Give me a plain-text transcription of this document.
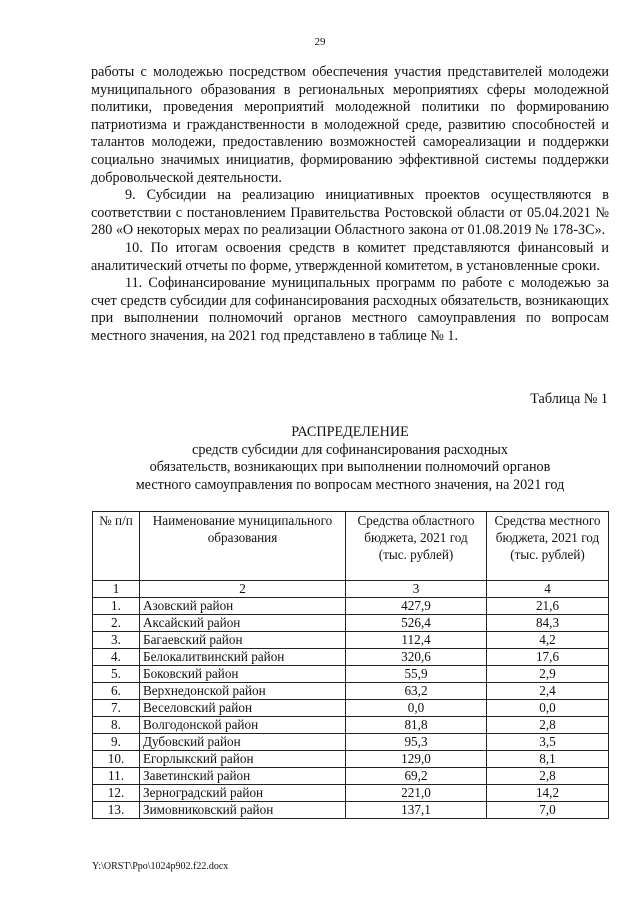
29

работы с молодежью посредством обеспечения участия представителей молодежи муниципального образования в региональных мероприятиях сферы молодежной политики, проведения мероприятий молодежной политики по формированию патриотизма и гражданственности в молодежной среде, развитию способностей и талантов молодежи, предоставлению возможностей самореализации и поддержки социально значимых инициатив, формированию эффективной системы поддержки добровольческой деятельности.

9. Субсидии на реализацию инициативных проектов осуществляются в соответствии с постановлением Правительства Ростовской области от 05.04.2021 № 280 «О некоторых мерах по реализации Областного закона от 01.08.2019 № 178-ЗС».

10. По итогам освоения средств в комитет представляются финансовый и аналитический отчеты по форме, утвержденной комитетом, в установленные сроки.

11. Софинансирование муниципальных программ по работе с молодежью за счет средств субсидии для софинансирования расходных обязательств, возникающих при выполнении полномочий органов местного самоуправления по вопросам местного значения, на 2021 год представлено в таблице № 1.

Таблица № 1
РАСПРЕДЕЛЕНИЕ
средств субсидии для софинансирования расходных
обязательств, возникающих при выполнении полномочий органов
местного самоуправления по вопросам местного значения, на 2021 год
№ п/п	Наименование муниципального образования	Средства областного бюджета, 2021 год (тыс. рублей)	Средства местного бюджета, 2021 год (тыс. рублей)
1	2	3	4
1.	Азовский район	427,9	21,6
2.	Аксайский район	526,4	84,3
3.	Багаевский район	112,4	4,2
4.	Белокалитвинский район	320,6	17,6
5.	Боковский район	55,9	2,9
6.	Верхнедонской район	63,2	2,4
7.	Веселовский район	0,0	0,0
8.	Волгодонской район	81,8	2,8
9.	Дубовский район	95,3	3,5
10.	Егорлыкский район	129,0	8,1
11.	Заветинский район	69,2	2,8
12.	Зерноградский район	221,0	14,2
13.	Зимовниковский район	137,1	7,0
Y:\ORST\Ppo\1024p902.f22.docx
